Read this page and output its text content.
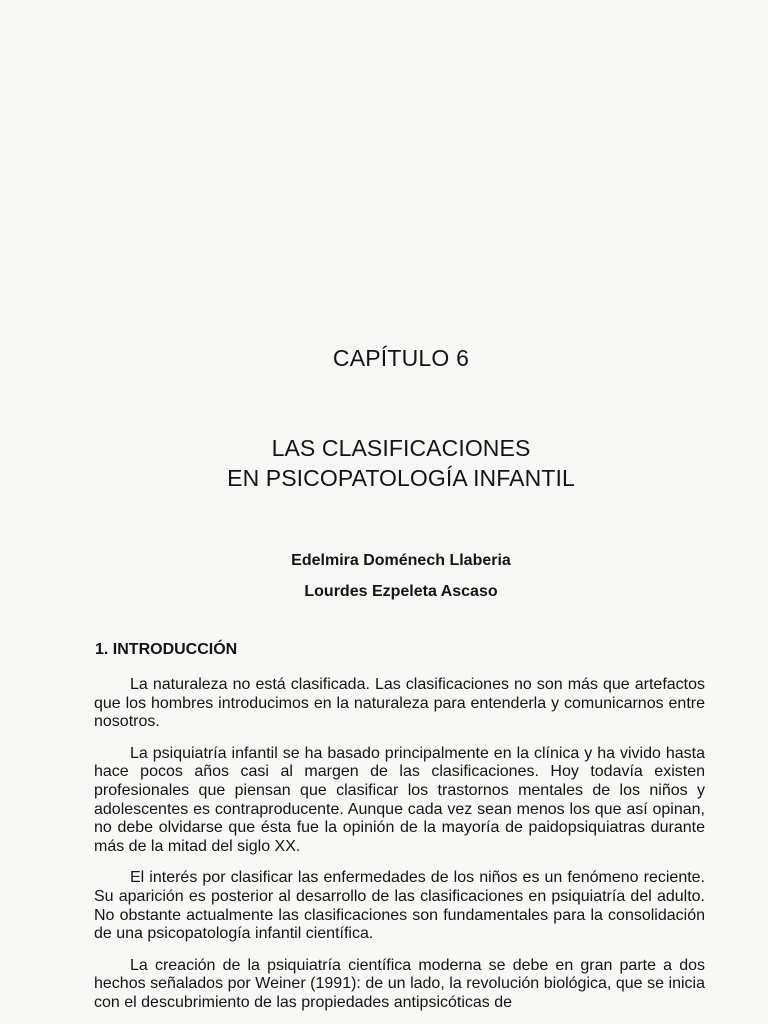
CAPÍTULO 6
LAS CLASIFICACIONES
EN PSICOPATOLOGÍA INFANTIL
Edelmira Doménech Llaberia
Lourdes Ezpeleta Ascaso
1. INTRODUCCIÓN

La naturaleza no está clasificada. Las clasificaciones no son más que artefactos que los hombres introducimos en la naturaleza para entenderla y comunicarnos entre nosotros.

La psiquiatría infantil se ha basado principalmente en la clínica y ha vivido hasta hace pocos años casi al margen de las clasificaciones. Hoy todavía existen profesionales que piensan que clasificar los trastornos mentales de los niños y adolescentes es contraproducente. Aunque cada vez sean menos los que así opinan, no debe olvidarse que ésta fue la opinión de la mayoría de paidopsiquiatras durante más de la mitad del siglo XX.

El interés por clasificar las enfermedades de los niños es un fenómeno reciente. Su aparición es posterior al desarrollo de las clasificaciones en psiquiatría del adulto. No obstante actualmente las clasificaciones son fundamentales para la consolidación de una psicopatología infantil científica.

La creación de la psiquiatría científica moderna se debe en gran parte a dos hechos señalados por Weiner (1991): de un lado, la revolución biológica, que se inicia con el descubrimiento de las propiedades antipsicóticas de
